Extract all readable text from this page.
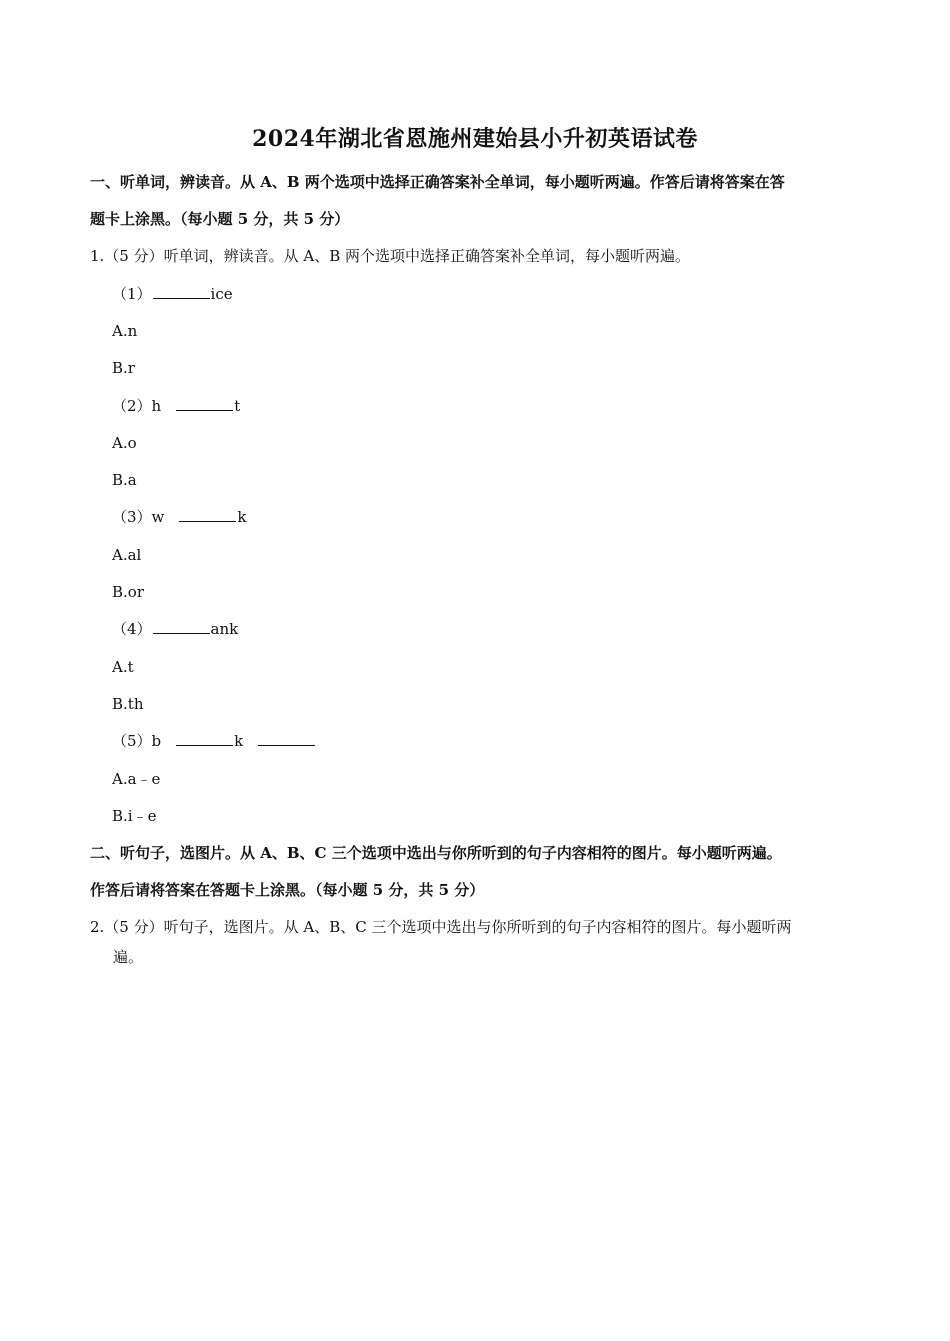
2024年湖北省恩施州建始县小升初英语试卷
一、听单词，辨读音。从 A、B 两个选项中选择正确答案补全单词，每小题听两遍。作答后请将答案在答
题卡上涂黑。（每小题 5 分，共 5 分）
1.（5 分）听单词，辨读音。从 A、B 两个选项中选择正确答案补全单词，每小题听两遍。
（1）	ice
A.n
B.r
（2）h	t
A.o
B.a
（3）w	k
A.al
B.or
（4）	ank
A.t
B.th
（5）b	k
A.a﹣e
B.i﹣e
二、听句子，选图片。从 A、B、C 三个选项中选出与你所听到的句子内容相符的图片。每小题听两遍。
作答后请将答案在答题卡上涂黑。（每小题 5 分，共 5 分）
2.（5 分）听句子，选图片。从 A、B、C 三个选项中选出与你所听到的句子内容相符的图片。每小题听两
遍。
